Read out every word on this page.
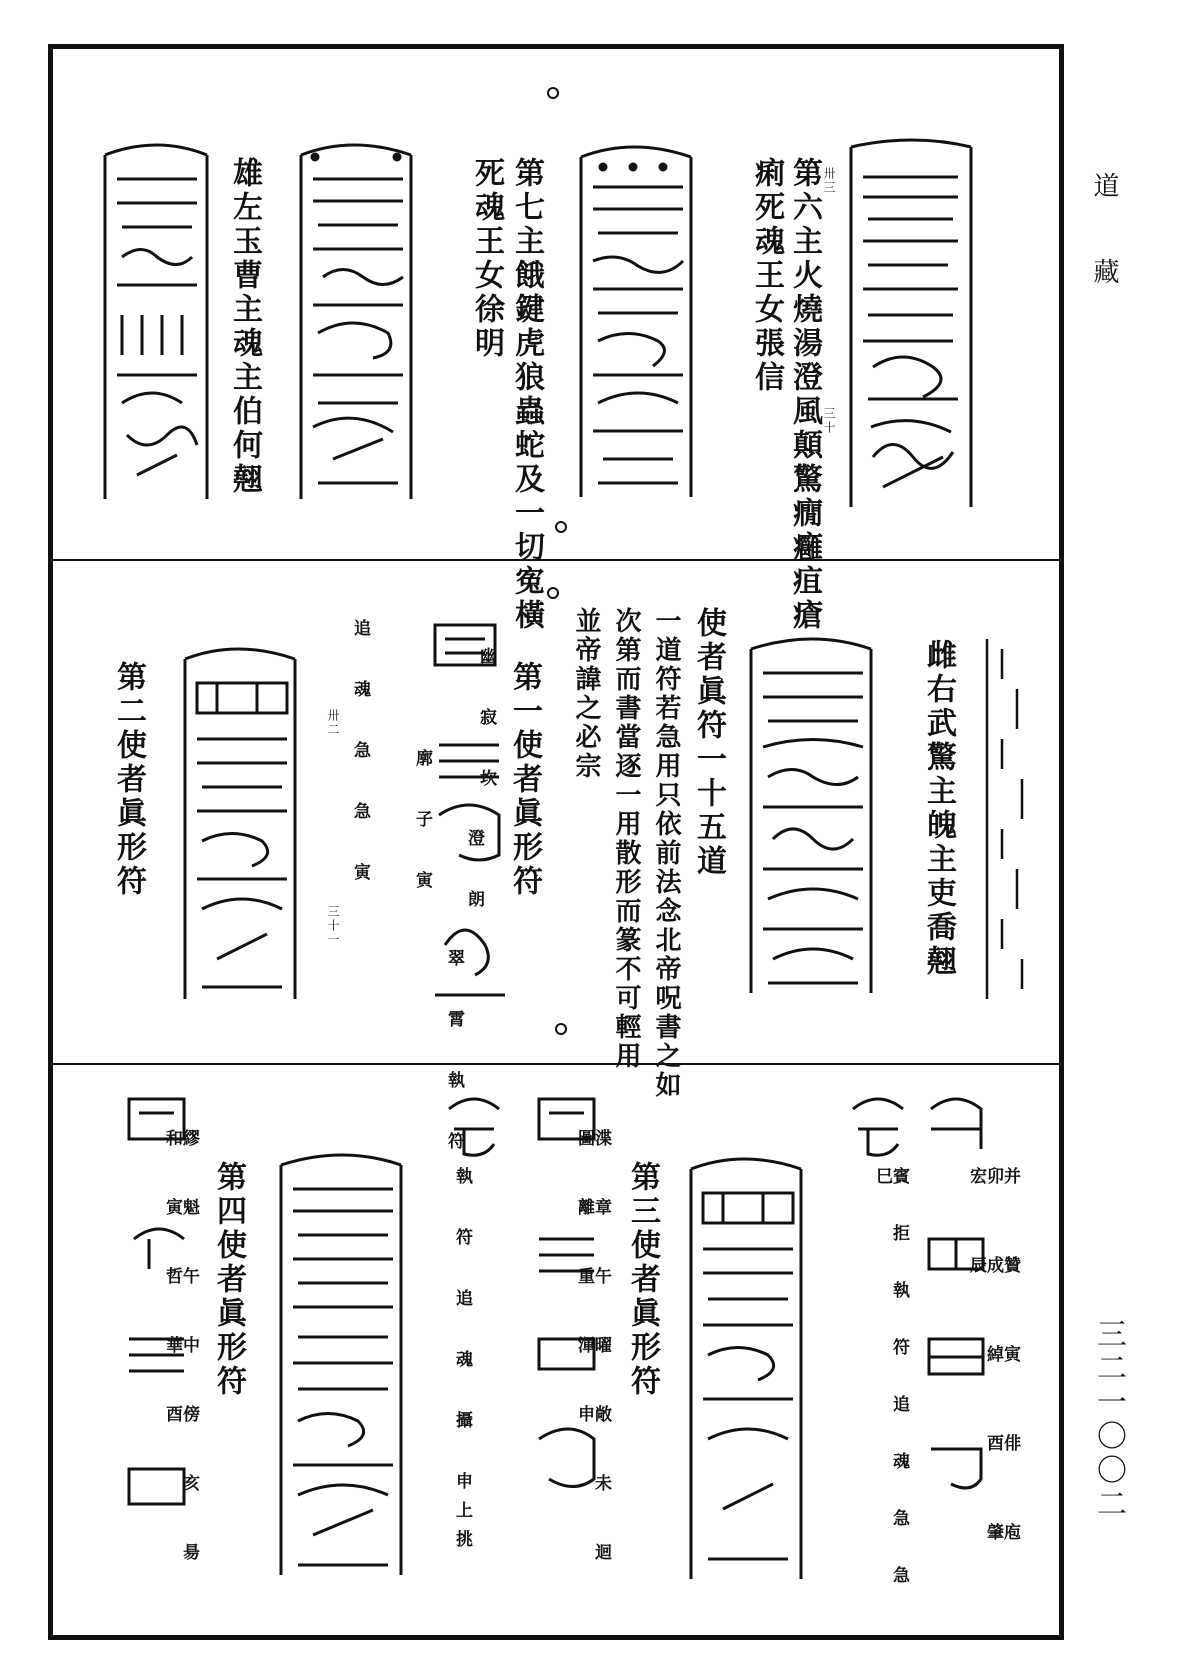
道藏
三二一〇〇二
卅三
三十
第六主火燒湯澄風顛驚癇癰疽瘡
痢死魂王女張信
第七主餓鍵虎狼蟲蛇及一切寃橫
死魂王女徐明
雄左玉曹主魂主伯何翹
雌右武驚主魄主吏喬翹
使者眞符一十五道
一道符若急用只依前法念北帝呪書之如
次第而書當逐一用散形而篆不可輕用
並帝諱之必宗
第一使者眞形符
幽 寂 坎
廓 子 寅 澄 朗
翠 霄 執 符
追 魂 急 急 寅
卅二
三十一
第二使者眞形符
并 贊 寅 俳 庖 卯 成 綽 酉 肇 宏 辰
賓 拒 執 符 追 魂 急 急 巳
第三使者眞形符
渫 章 午 曜 敞 未 迴 圖 離 重 渾 申
執 符 追 魂 攝 申上挑
第四使者眞形符
繆 魁 午 中 傍 亥 昜 和 寅 哲 華 酉
